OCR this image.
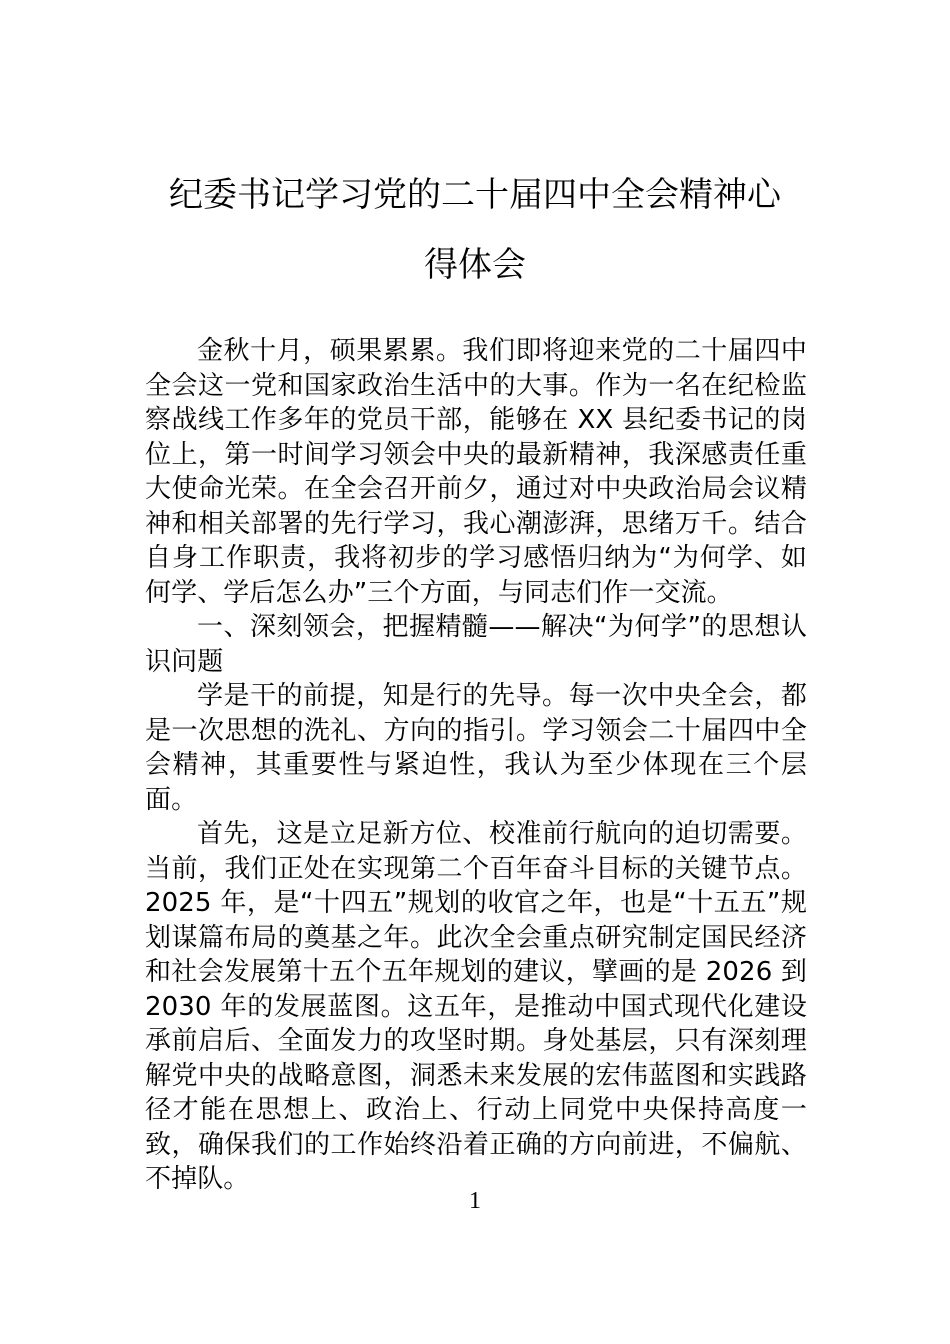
纪委书记学习党的二十届四中全会精神心
得体会

金秋十月，硕果累累。我们即将迎来党的二十届四中全会这一党和国家政治生活中的大事。作为一名在纪检监察战线工作多年的党员干部，能够在 XX 县纪委书记的岗位上，第一时间学习领会中央的最新精神，我深感责任重大使命光荣。在全会召开前夕，通过对中央政治局会议精神和相关部署的先行学习，我心潮澎湃，思绪万千。结合自身工作职责，我将初步的学习感悟归纳为“为何学、如何学、学后怎么办”三个方面，与同志们作一交流。

一、深刻领会，把握精髓——解决“为何学”的思想认识问题

学是干的前提，知是行的先导。每一次中央全会，都是一次思想的洗礼、方向的指引。学习领会二十届四中全会精神，其重要性与紧迫性，我认为至少体现在三个层面。

首先，这是立足新方位、校准前行航向的迫切需要。当前，我们正处在实现第二个百年奋斗目标的关键节点。2025 年，是“十四五”规划的收官之年，也是“十五五”规划谋篇布局的奠基之年。此次全会重点研究制定国民经济和社会发展第十五个五年规划的建议，擘画的是 2026 到 2030 年的发展蓝图。这五年，是推动中国式现代化建设承前启后、全面发力的攻坚时期。身处基层，只有深刻理解党中央的战略意图，洞悉未来发展的宏伟蓝图和实践路径才能在思想上、政治上、行动上同党中央保持高度一致，确保我们的工作始终沿着正确的方向前进，不偏航、不掉队。

1
